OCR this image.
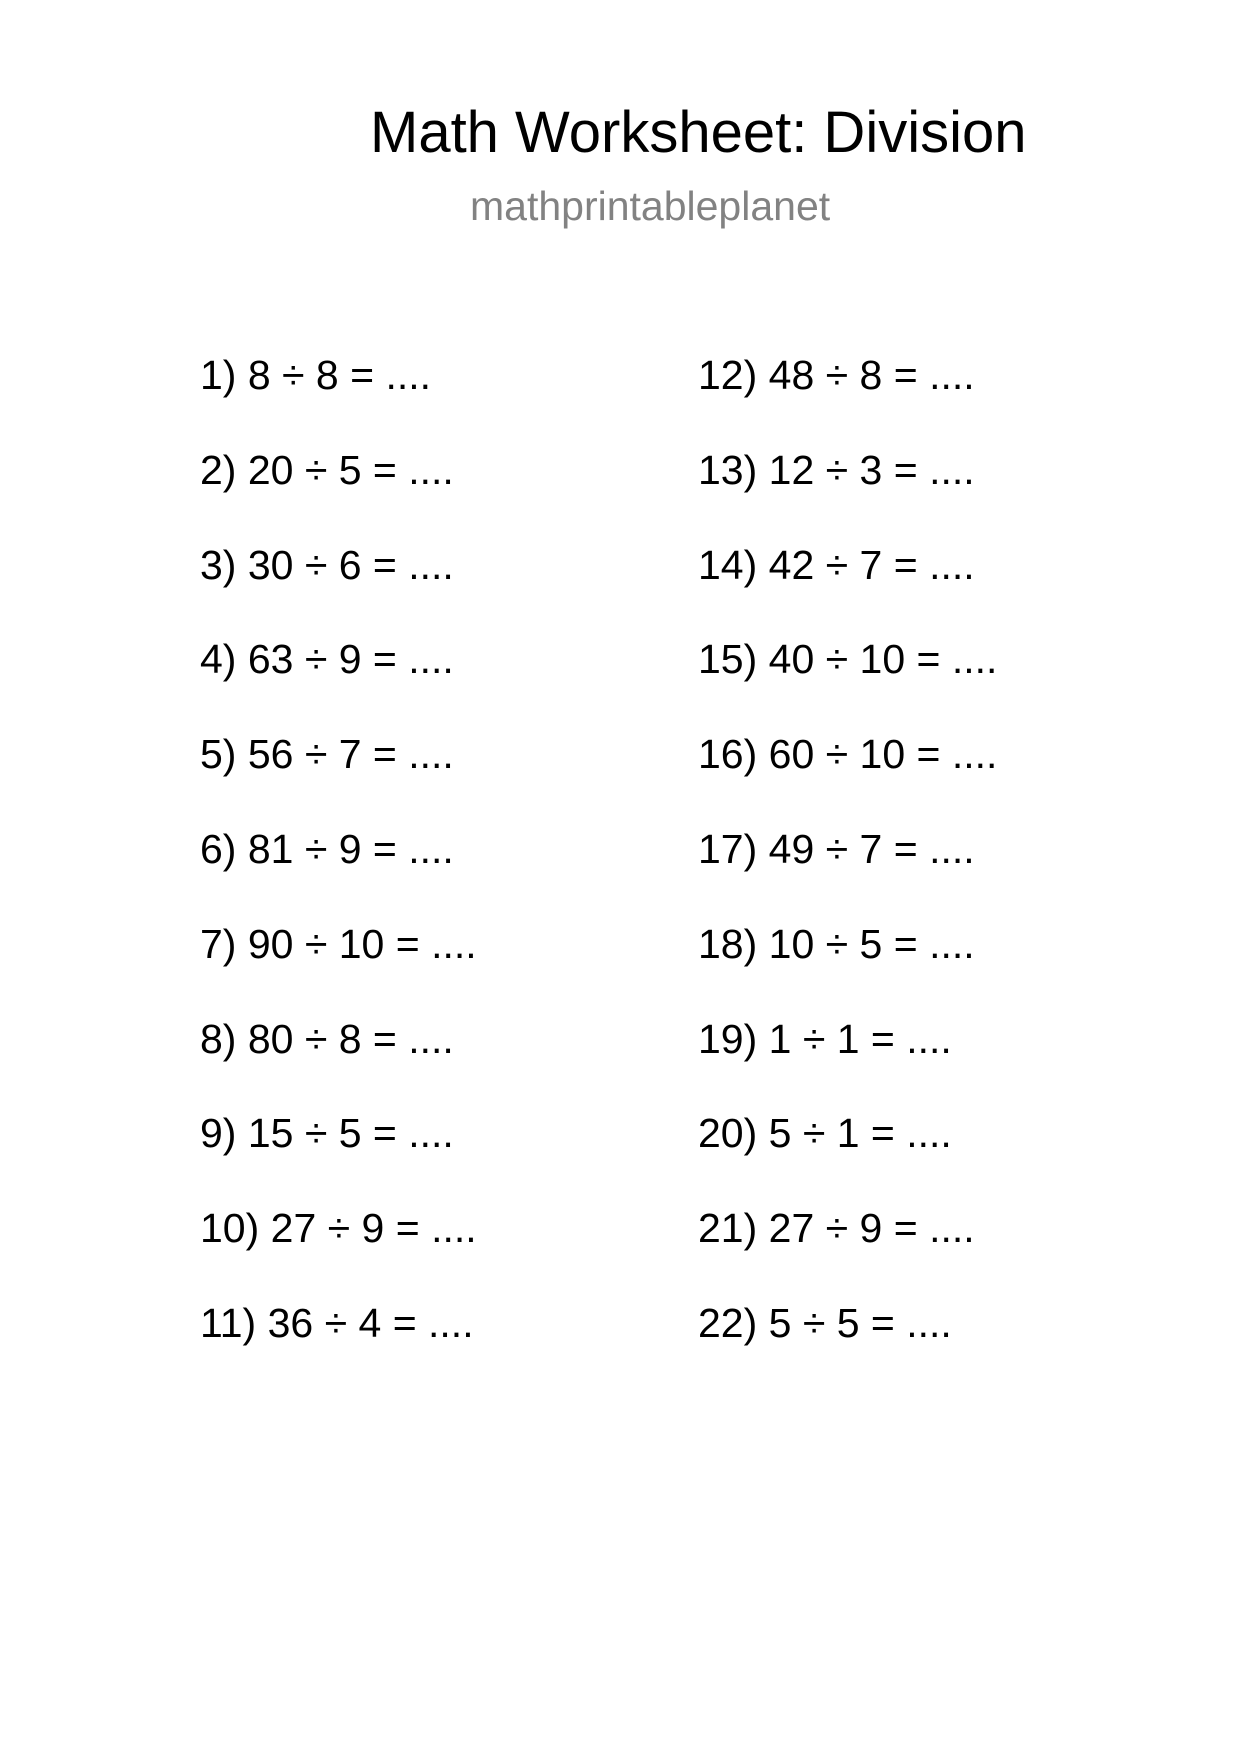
Math Worksheet: Division
mathprintableplanet
1) 8 ÷ 8 = ....
2) 20 ÷ 5 = ....
3) 30 ÷ 6 = ....
4) 63 ÷ 9 = ....
5) 56 ÷ 7 = ....
6) 81 ÷ 9 = ....
7) 90 ÷ 10 = ....
8) 80 ÷ 8 = ....
9) 15 ÷ 5 = ....
10) 27 ÷ 9 = ....
11) 36 ÷ 4 = ....
12) 48 ÷ 8 = ....
13) 12 ÷ 3 = ....
14) 42 ÷ 7 = ....
15) 40 ÷ 10 = ....
16) 60 ÷ 10 = ....
17) 49 ÷ 7 = ....
18) 10 ÷ 5 = ....
19) 1 ÷ 1 = ....
20) 5 ÷ 1 = ....
21) 27 ÷ 9 = ....
22) 5 ÷ 5 = ....
